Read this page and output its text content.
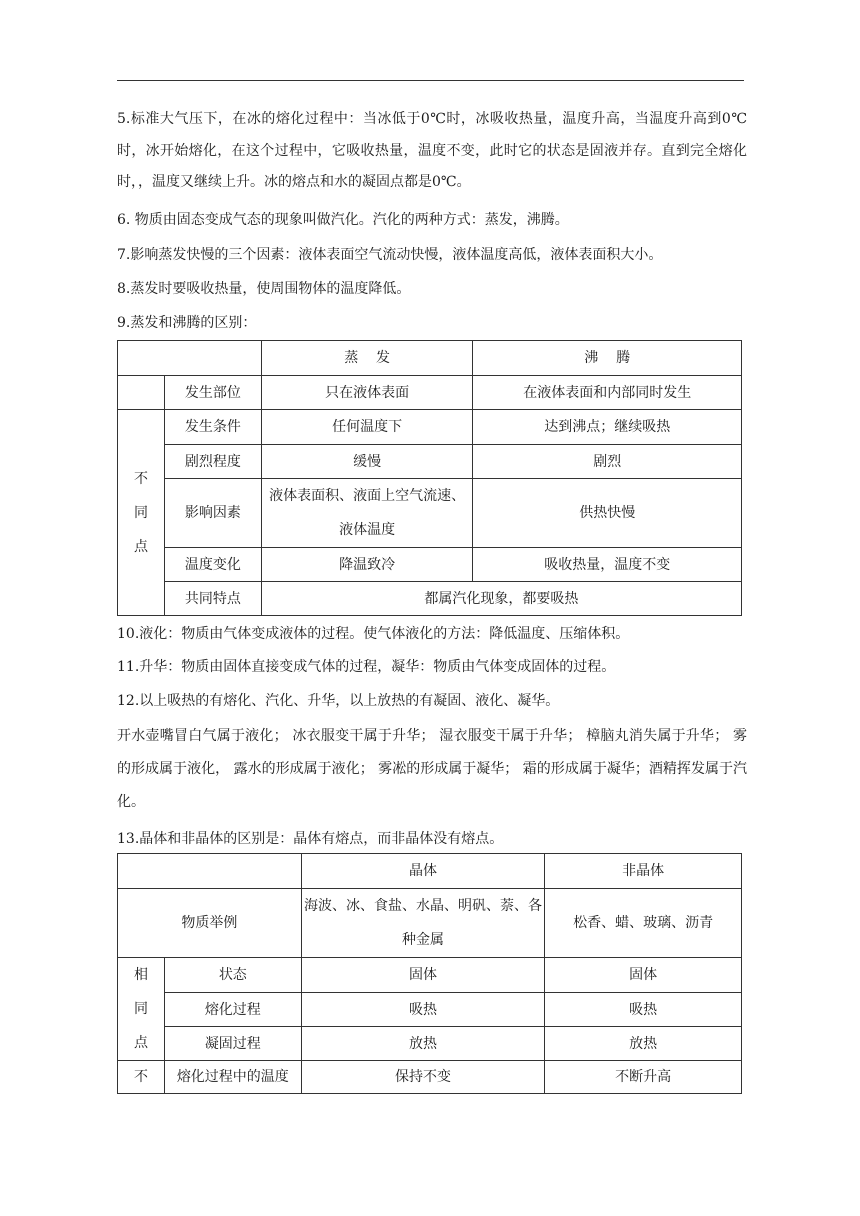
5.标准大气压下，在冰的熔化过程中：当冰低于0℃时，冰吸收热量，温度升高，当温度升高到0℃时，冰开始熔化，在这个过程中，它吸收热量，温度不变，此时它的状态是固液并存。直到完全熔化时，，温度又继续上升。冰的熔点和水的凝固点都是0℃。
6. 物质由固态变成气态的现象叫做汽化。汽化的两种方式：蒸发，沸腾。
7.影响蒸发快慢的三个因素：液体表面空气流动快慢，液体温度高低，液体表面积大小。
8.蒸发时要吸收热量，使周围物体的温度降低。
9.蒸发和沸腾的区别：
		蒸 发	沸 腾
	发生部位	只在液体表面	在液体表面和内部同时发生

不同点	发生条件	任何温度下	达到沸点；继续吸热
	剧烈程度	缓慢	剧烈
	影响因素	液体表面积、液面上空气流速、液体温度	供热快慢
	温度变化	降温致冷	吸收热量，温度不变
	共同特点	都属汽化现象，都要吸热	
10.液化：物质由气体变成液体的过程。使气体液化的方法：降低温度、压缩体积。
11.升华：物质由固体直接变成气体的过程，凝华：物质由气体变成固体的过程。
12.以上吸热的有熔化、汽化、升华，以上放热的有凝固、液化、凝华。
开水壶嘴冒白气属于液化； 冰衣服变干属于升华； 湿衣服变干属于升华； 樟脑丸消失属于升华； 雾的形成属于液化， 露水的形成属于液化； 雾凇的形成属于凝华； 霜的形成属于凝华；酒精挥发属于汽化。
13.晶体和非晶体的区别是：晶体有熔点，而非晶体没有熔点。
		晶体	非晶体
物质举例		海波、冰、食盐、水晶、明矾、萘、各种金属	松香、蜡、玻璃、沥青

相同点	状态	固体	固体
	熔化过程	吸热	吸热
	凝固过程	放热	放热
不	熔化过程中的温度	保持不变	不断升高
